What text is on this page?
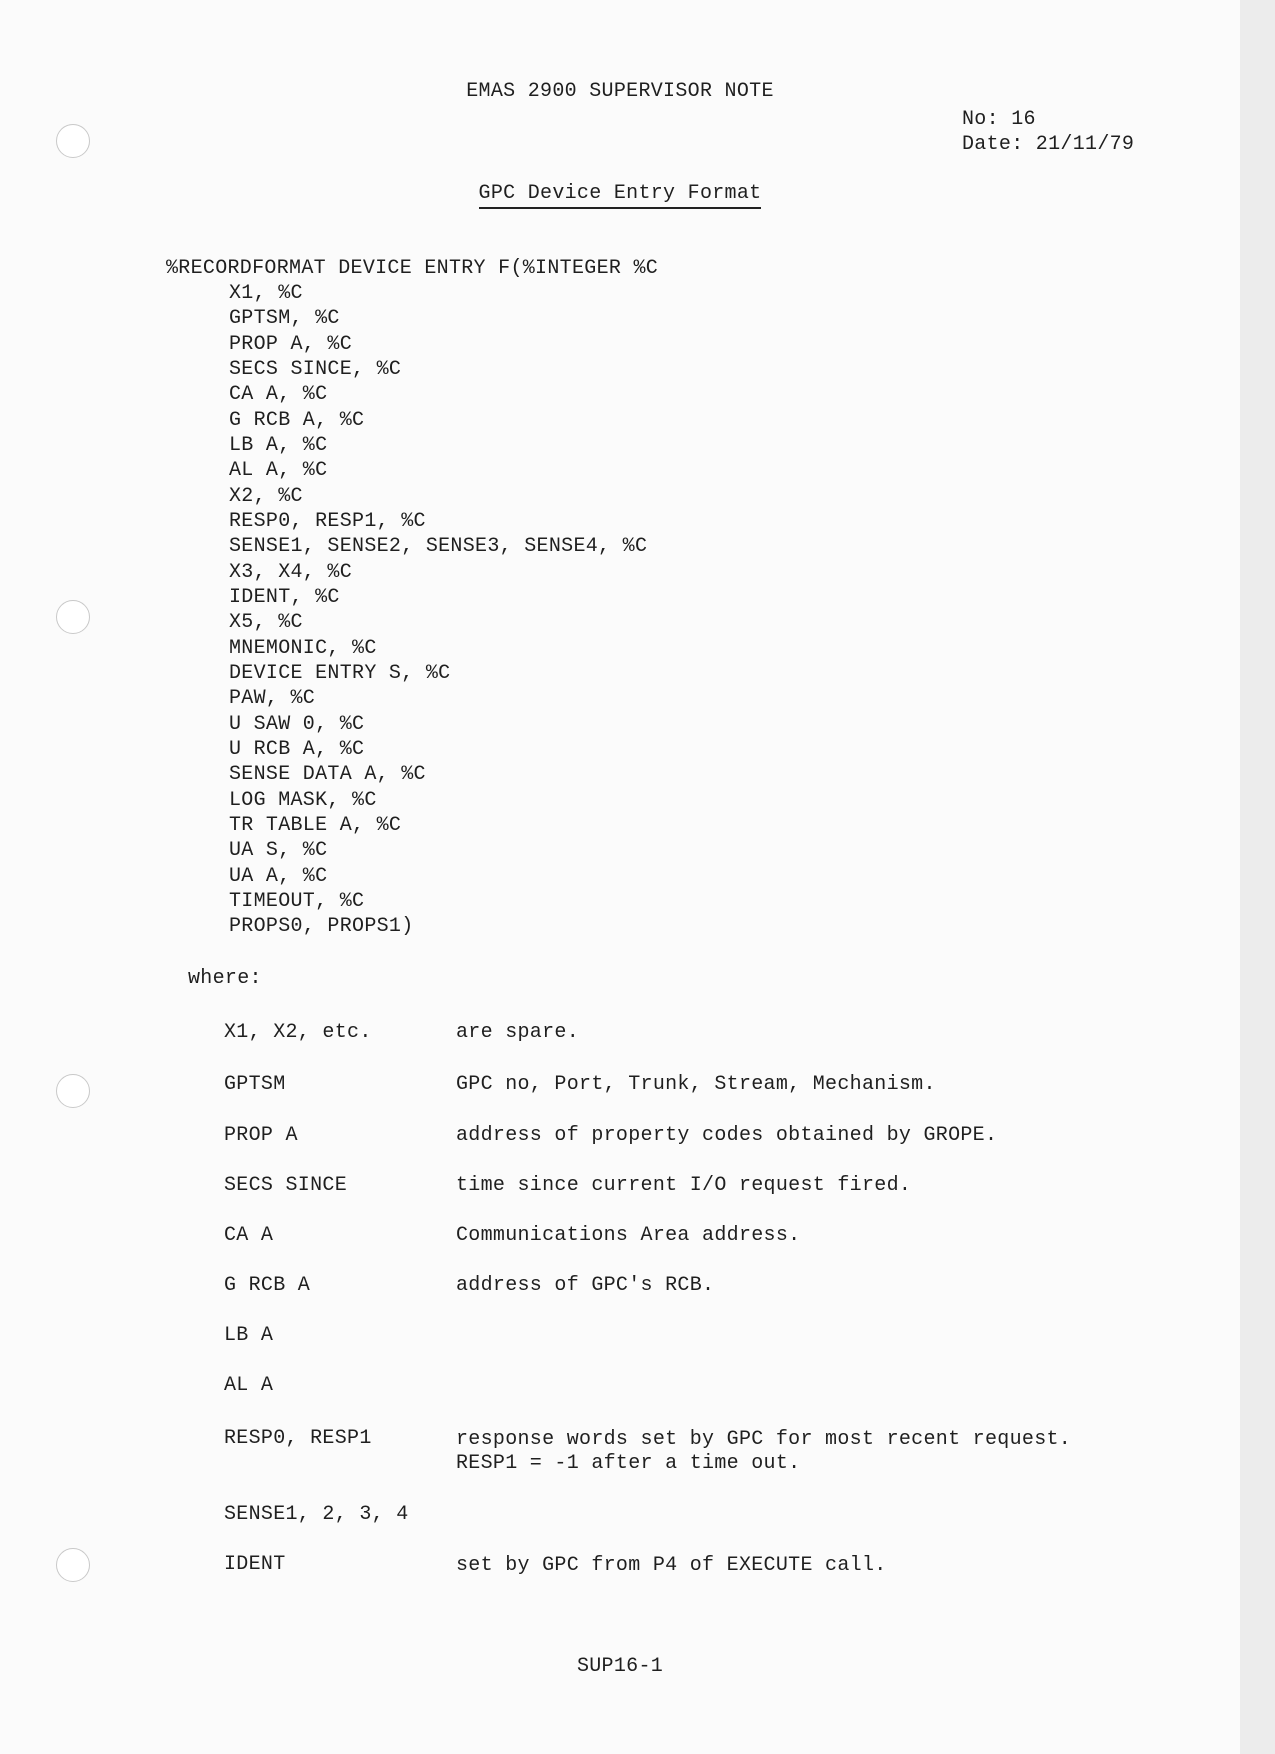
EMAS 2900 SUPERVISOR NOTE
No: 16
Date: 21/11/79
GPC Device Entry Format
%RECORDFORMAT DEVICE ENTRY F(%INTEGER %C
X1, %C
GPTSM, %C
PROP A, %C
SECS SINCE, %C
CA A, %C
G RCB A, %C
LB A, %C
AL A, %C
X2, %C
RESP0, RESP1, %C
SENSE1, SENSE2, SENSE3, SENSE4, %C
X3, X4, %C
IDENT, %C
X5, %C
MNEMONIC, %C
DEVICE ENTRY S, %C
PAW, %C
U SAW 0, %C
U RCB A, %C
SENSE DATA A, %C
LOG MASK, %C
TR TABLE A, %C
UA S, %C
UA A, %C
TIMEOUT, %C
PROPS0, PROPS1)
where:
X1, X2, etc.	are spare.
GPTSM	GPC no, Port, Trunk, Stream, Mechanism.
PROP A	address of property codes obtained by GROPE.
SECS SINCE	time since current I/O request fired.
CA A	Communications Area address.
G RCB A	address of GPC's RCB.
LB A
AL A
RESP0, RESP1	response words set by GPC for most recent request.
RESP1 = -1 after a time out.
SENSE1, 2, 3, 4
IDENT	set by GPC from P4 of EXECUTE call.
SUP16-1
